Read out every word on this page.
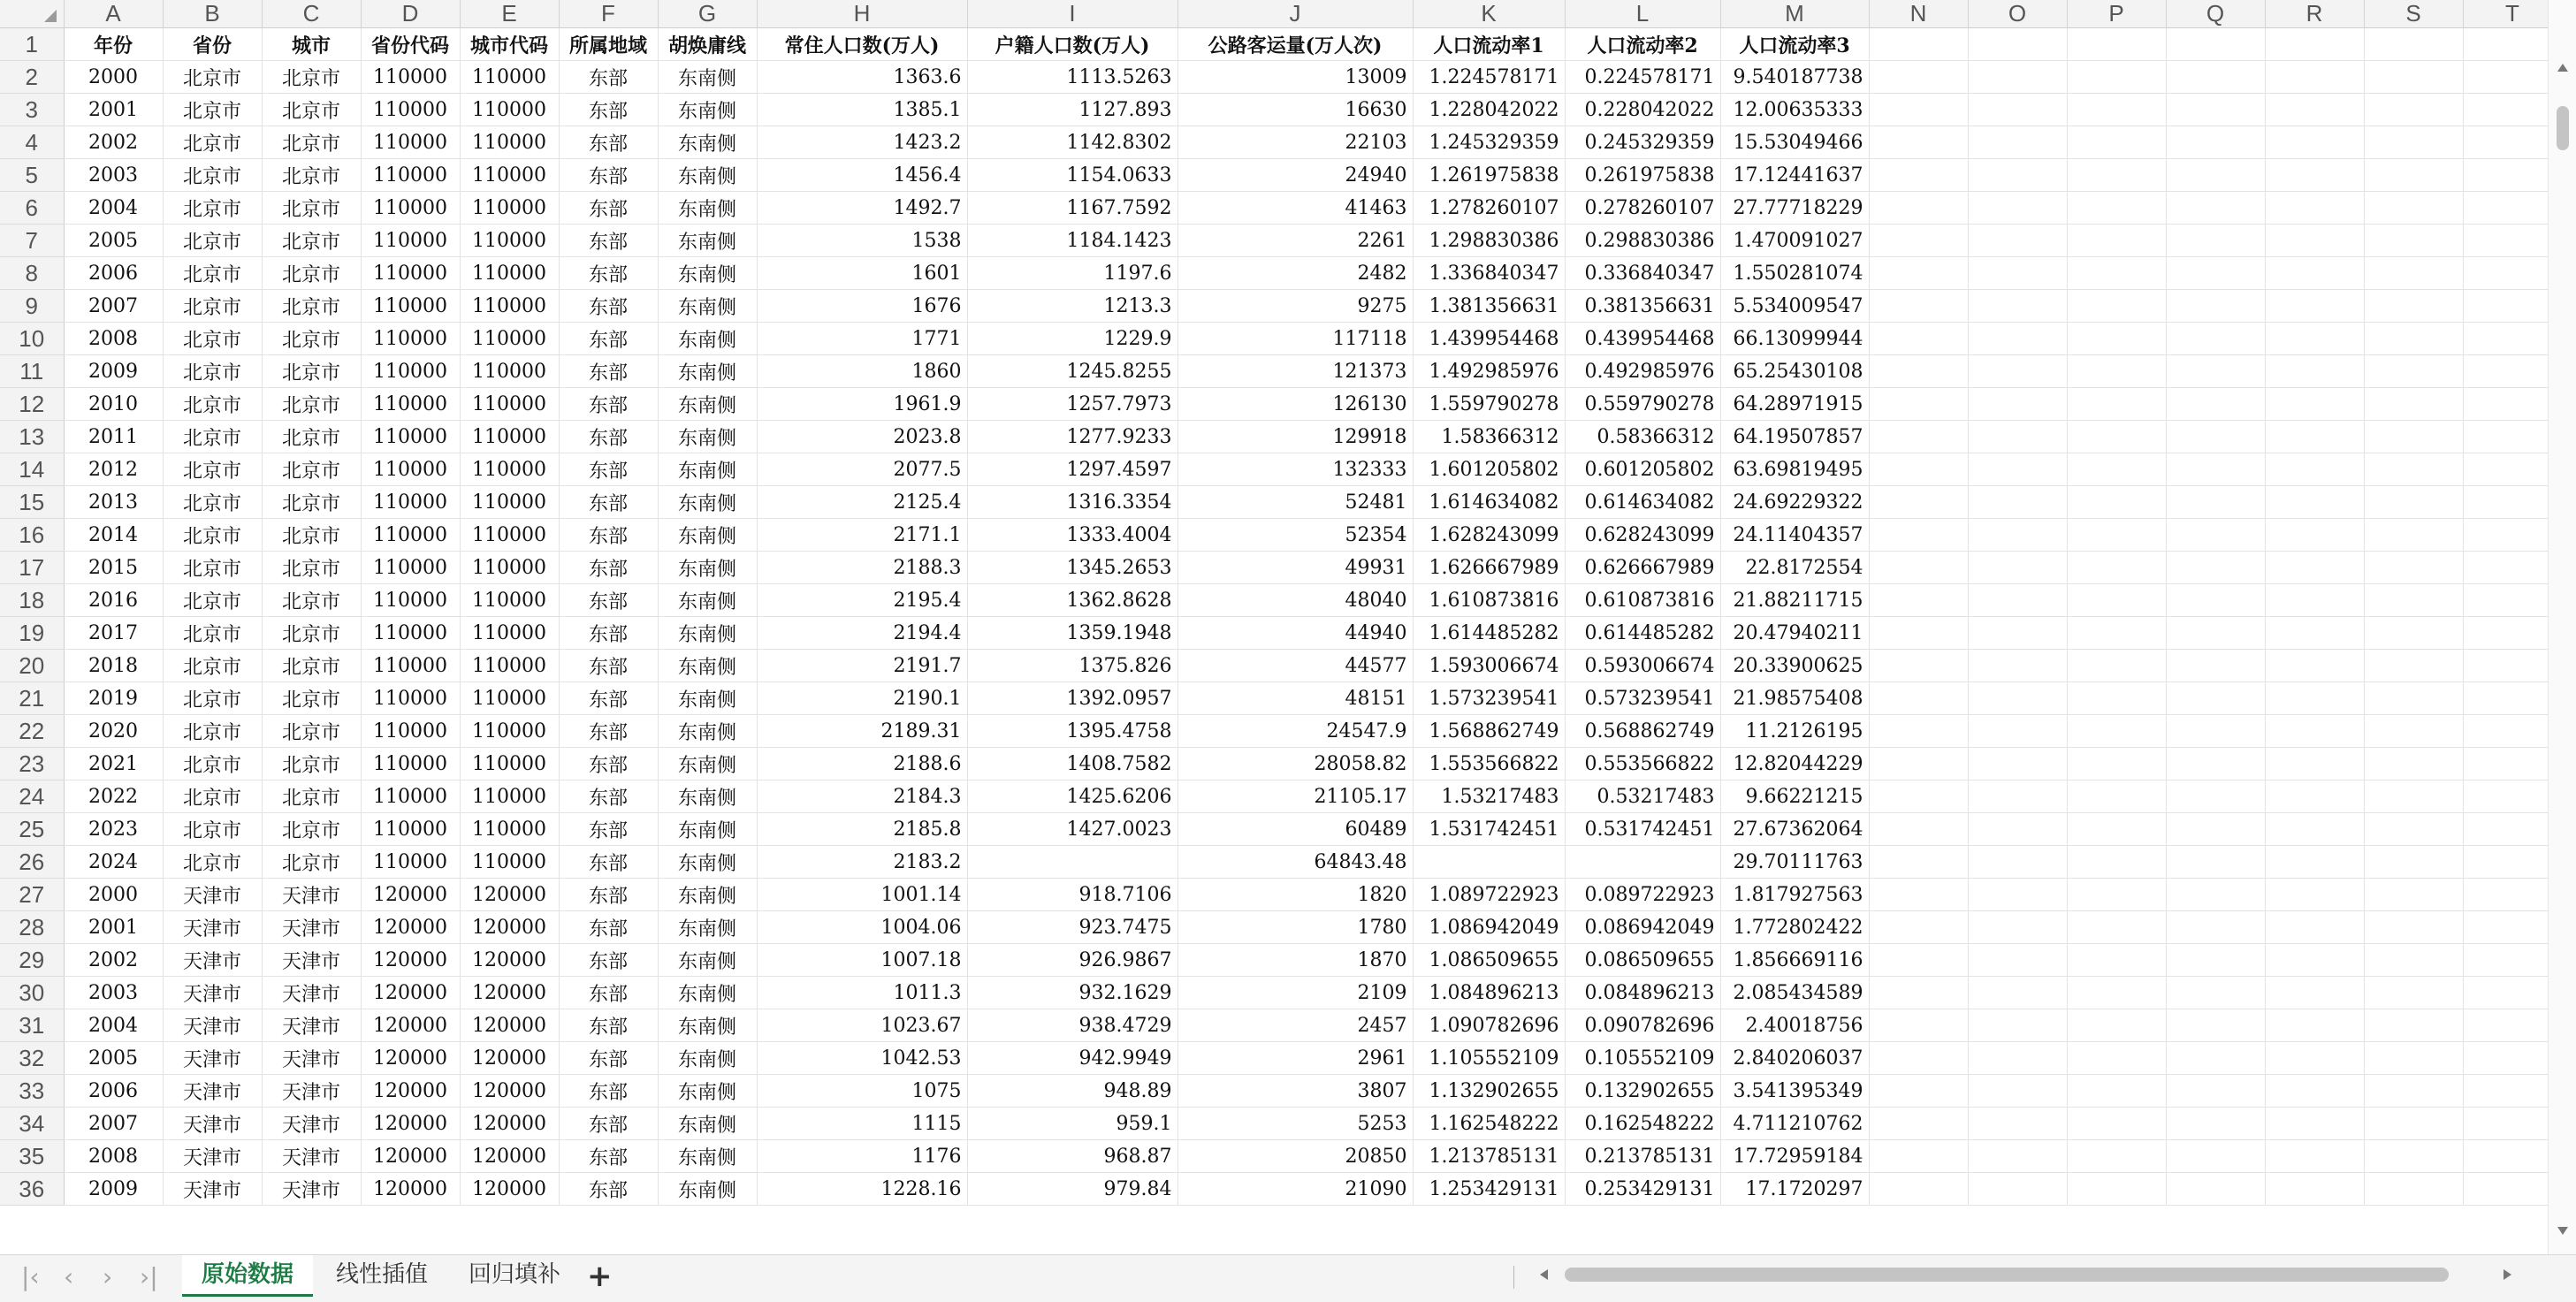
	A	B	C	D	E	F	G	H	I	J	K	L	M	N	O	P	Q	R	S	T
1	年份	省份	城市	省份代码	城市代码	所属地域	胡焕庸线	常住人口数(万人)	户籍人口数(万人)	公路客运量(万人次)	人口流动率1	人口流动率2	人口流动率3							
2	2000	北京市	北京市	110000	110000	东部	东南侧	1363.6	1113.5263	13009	1.224578171	0.224578171	9.540187738							
3	2001	北京市	北京市	110000	110000	东部	东南侧	1385.1	1127.893	16630	1.228042022	0.228042022	12.00635333							
4	2002	北京市	北京市	110000	110000	东部	东南侧	1423.2	1142.8302	22103	1.245329359	0.245329359	15.53049466							
5	2003	北京市	北京市	110000	110000	东部	东南侧	1456.4	1154.0633	24940	1.261975838	0.261975838	17.12441637							
6	2004	北京市	北京市	110000	110000	东部	东南侧	1492.7	1167.7592	41463	1.278260107	0.278260107	27.77718229							
7	2005	北京市	北京市	110000	110000	东部	东南侧	1538	1184.1423	2261	1.298830386	0.298830386	1.470091027							
8	2006	北京市	北京市	110000	110000	东部	东南侧	1601	1197.6	2482	1.336840347	0.336840347	1.550281074							
9	2007	北京市	北京市	110000	110000	东部	东南侧	1676	1213.3	9275	1.381356631	0.381356631	5.534009547							
10	2008	北京市	北京市	110000	110000	东部	东南侧	1771	1229.9	117118	1.439954468	0.439954468	66.13099944							
11	2009	北京市	北京市	110000	110000	东部	东南侧	1860	1245.8255	121373	1.492985976	0.492985976	65.25430108							
12	2010	北京市	北京市	110000	110000	东部	东南侧	1961.9	1257.7973	126130	1.559790278	0.559790278	64.28971915							
13	2011	北京市	北京市	110000	110000	东部	东南侧	2023.8	1277.9233	129918	1.58366312	0.58366312	64.19507857							
14	2012	北京市	北京市	110000	110000	东部	东南侧	2077.5	1297.4597	132333	1.601205802	0.601205802	63.69819495							
15	2013	北京市	北京市	110000	110000	东部	东南侧	2125.4	1316.3354	52481	1.614634082	0.614634082	24.69229322							
16	2014	北京市	北京市	110000	110000	东部	东南侧	2171.1	1333.4004	52354	1.628243099	0.628243099	24.11404357							
17	2015	北京市	北京市	110000	110000	东部	东南侧	2188.3	1345.2653	49931	1.626667989	0.626667989	22.8172554							
18	2016	北京市	北京市	110000	110000	东部	东南侧	2195.4	1362.8628	48040	1.610873816	0.610873816	21.88211715							
19	2017	北京市	北京市	110000	110000	东部	东南侧	2194.4	1359.1948	44940	1.614485282	0.614485282	20.47940211							
20	2018	北京市	北京市	110000	110000	东部	东南侧	2191.7	1375.826	44577	1.593006674	0.593006674	20.33900625							
21	2019	北京市	北京市	110000	110000	东部	东南侧	2190.1	1392.0957	48151	1.573239541	0.573239541	21.98575408							
22	2020	北京市	北京市	110000	110000	东部	东南侧	2189.31	1395.4758	24547.9	1.568862749	0.568862749	11.2126195							
23	2021	北京市	北京市	110000	110000	东部	东南侧	2188.6	1408.7582	28058.82	1.553566822	0.553566822	12.82044229							
24	2022	北京市	北京市	110000	110000	东部	东南侧	2184.3	1425.6206	21105.17	1.53217483	0.53217483	9.66221215							
25	2023	北京市	北京市	110000	110000	东部	东南侧	2185.8	1427.0023	60489	1.531742451	0.531742451	27.67362064							
26	2024	北京市	北京市	110000	110000	东部	东南侧	2183.2		64843.48			29.70111763							
27	2000	天津市	天津市	120000	120000	东部	东南侧	1001.14	918.7106	1820	1.089722923	0.089722923	1.817927563							
28	2001	天津市	天津市	120000	120000	东部	东南侧	1004.06	923.7475	1780	1.086942049	0.086942049	1.772802422							
29	2002	天津市	天津市	120000	120000	东部	东南侧	1007.18	926.9867	1870	1.086509655	0.086509655	1.856669116							
30	2003	天津市	天津市	120000	120000	东部	东南侧	1011.3	932.1629	2109	1.084896213	0.084896213	2.085434589							
31	2004	天津市	天津市	120000	120000	东部	东南侧	1023.67	938.4729	2457	1.090782696	0.090782696	2.40018756							
32	2005	天津市	天津市	120000	120000	东部	东南侧	1042.53	942.9949	2961	1.105552109	0.105552109	2.840206037							
33	2006	天津市	天津市	120000	120000	东部	东南侧	1075	948.89	3807	1.132902655	0.132902655	3.541395349							
34	2007	天津市	天津市	120000	120000	东部	东南侧	1115	959.1	5253	1.162548222	0.162548222	4.711210762							
35	2008	天津市	天津市	120000	120000	东部	东南侧	1176	968.87	20850	1.213785131	0.213785131	17.72959184							
36	2009	天津市	天津市	120000	120000	东部	东南侧	1228.16	979.84	21090	1.253429131	0.253429131	17.1720297							
|‹ ‹ › ›|	原始数据	线性插值	回归填补 +
